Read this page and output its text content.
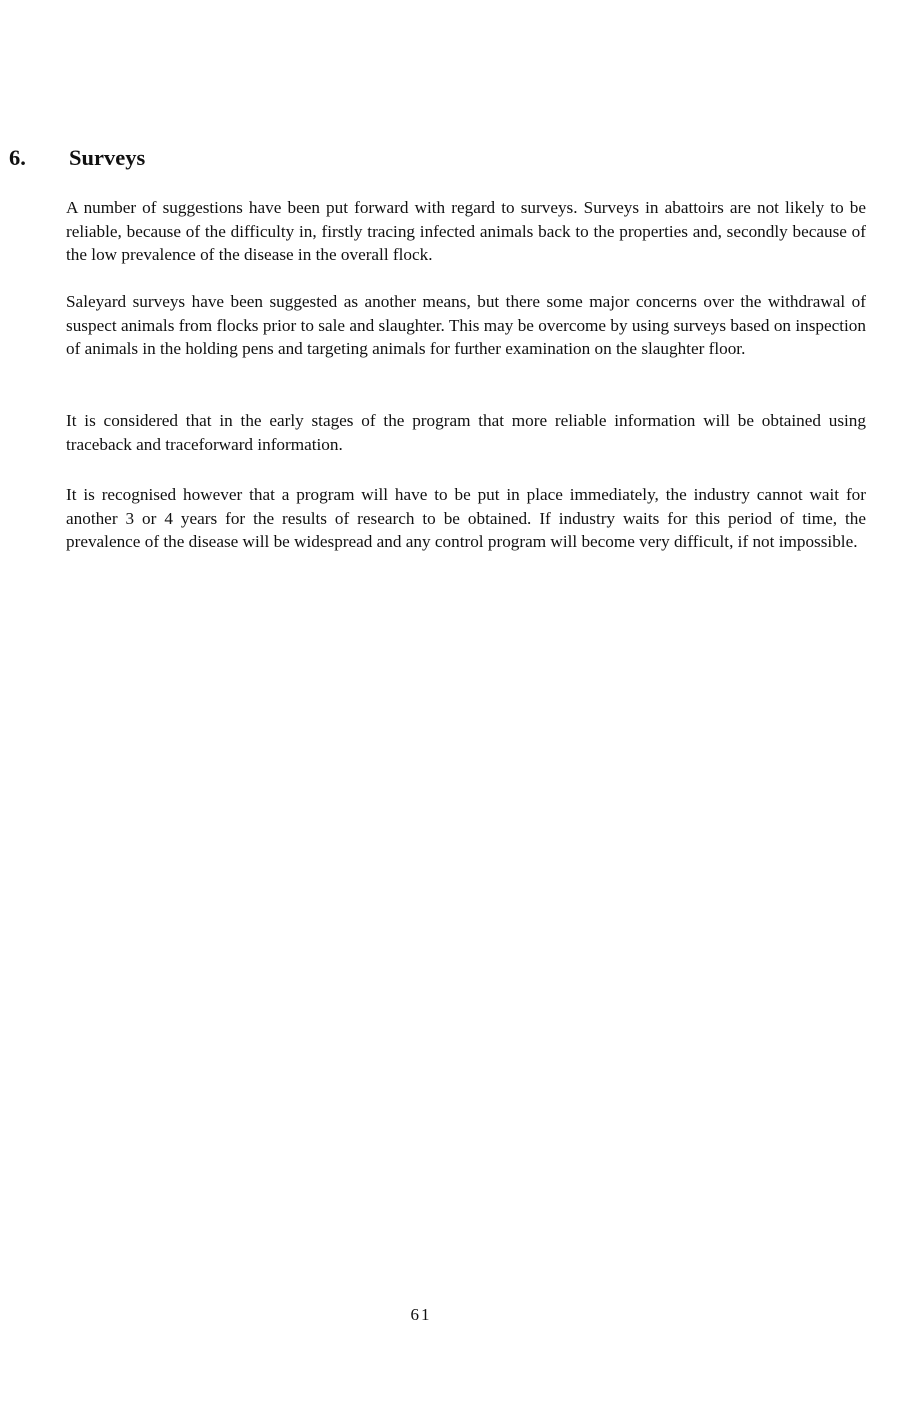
6. Surveys

A number of suggestions have been put forward with regard to surveys. Surveys in abattoirs are not likely to be reliable, because of the difficulty in, firstly tracing infected animals back to the properties and, secondly because of the low prevalence of the disease in the overall flock.

Saleyard surveys have been suggested as another means, but there some major concerns over the withdrawal of suspect animals from flocks prior to sale and slaughter. This may be overcome by using surveys based on inspection of animals in the holding pens and targeting animals for further examination on the slaughter floor.

It is considered that in the early stages of the program that more reliable information will be obtained using traceback and traceforward information.

It is recognised however that a program will have to be put in place immediately, the industry cannot wait for another 3 or 4 years for the results of research to be obtained. If industry waits for this period of time, the prevalence of the disease will be widespread and any control program will become very difficult, if not impossible.

61
